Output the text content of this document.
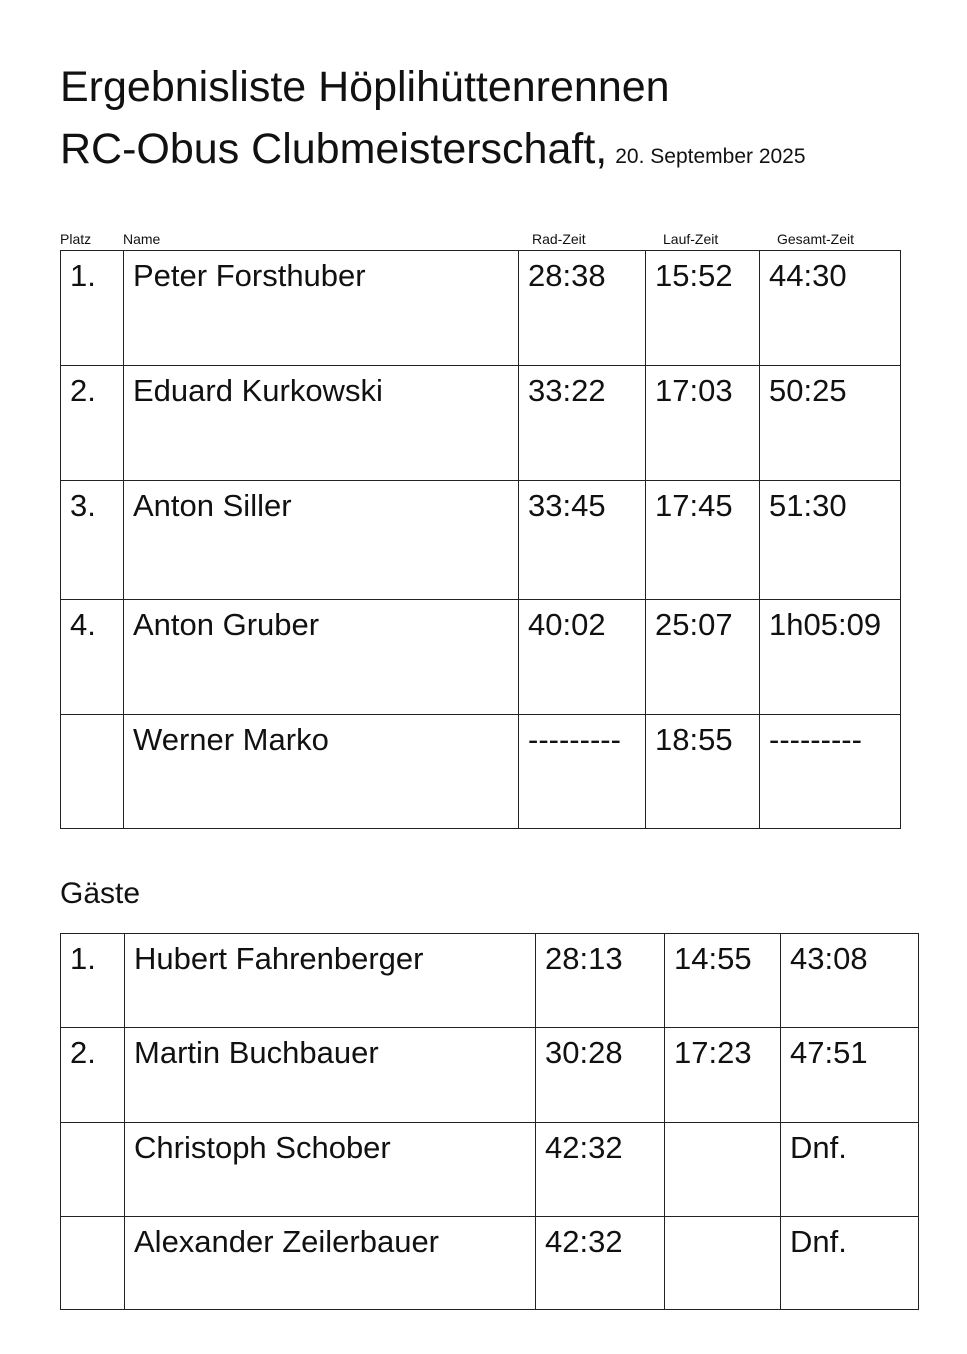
Ergebnisliste Höplihüttenrennen
RC-Obus Clubmeisterschaft, 20. September 2025
Platz Name	Rad-Zeit	Lauf-Zeit	Gesamt-Zeit
1.	Peter Forsthuber	28:38	15:52	44:30
2.	Eduard Kurkowski	33:22	17:03	50:25
3.	Anton Siller	33:45	17:45	51:30
4.	Anton Gruber	40:02	25:07	1h05:09
	Werner Marko	---------	18:55	---------
Gäste
1.	Hubert Fahrenberger	28:13	14:55	43:08
2.	Martin Buchbauer	30:28	17:23	47:51
	Christoph Schober	42:32		Dnf.
	Alexander Zeilerbauer	42:32		Dnf.
